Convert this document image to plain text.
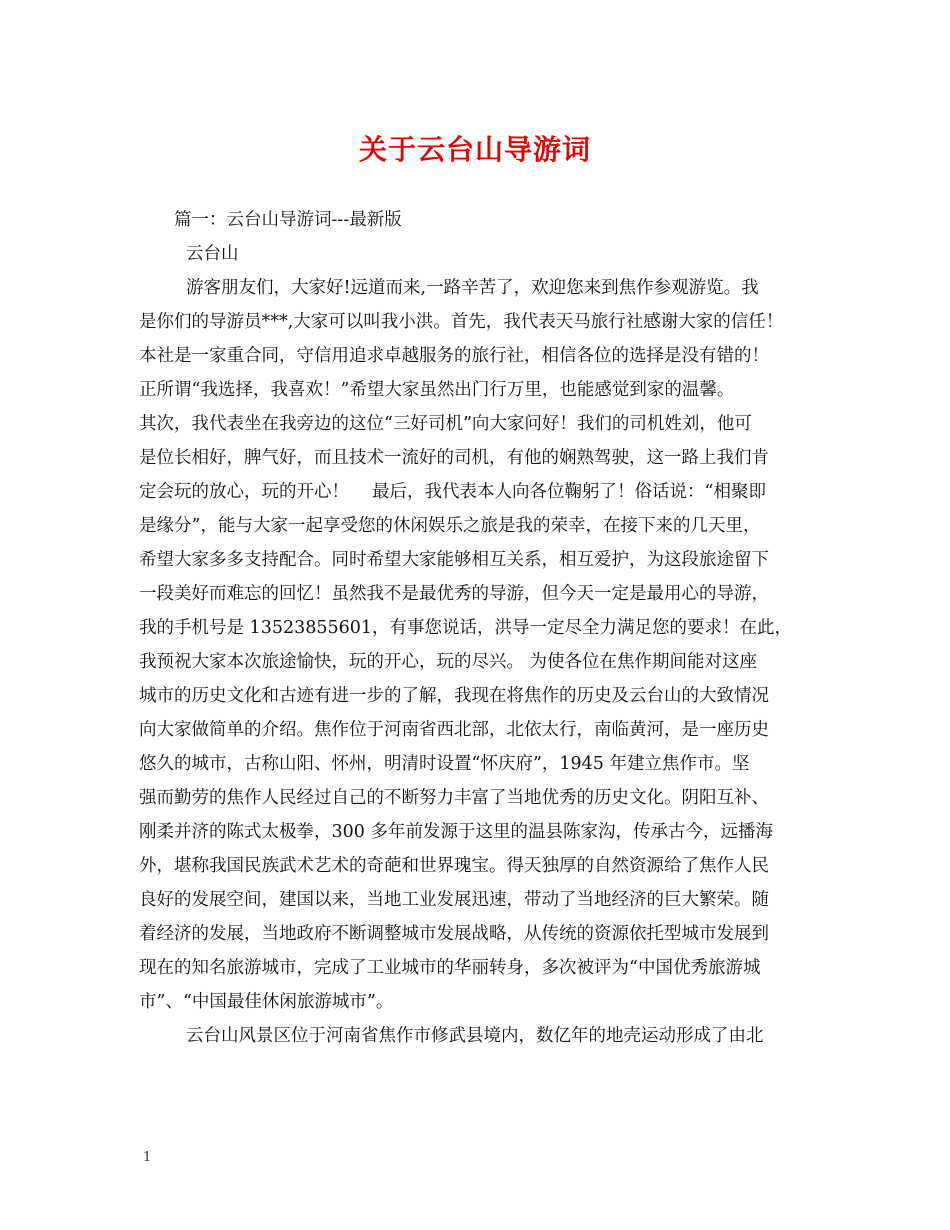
关于云台山导游词
篇一：云台山导游词---最新版
云台山
游客朋友们，大家好!远道而来,一路辛苦了，欢迎您来到焦作参观游览。我
是你们的导游员***,大家可以叫我小洪。首先，我代表天马旅行社感谢大家的信任！
本社是一家重合同，守信用追求卓越服务的旅行社，相信各位的选择是没有错的！
正所谓“我选择，我喜欢！”希望大家虽然出门行万里，也能感觉到家的温馨。
其次，我代表坐在我旁边的这位“三好司机”向大家问好！我们的司机姓刘，他可
是位长相好，脾气好，而且技术一流好的司机，有他的娴熟驾驶，这一路上我们肯
定会玩的放心，玩的开心！　 最后，我代表本人向各位鞠躬了！俗话说：“相聚即
是缘分”，能与大家一起享受您的休闲娱乐之旅是我的荣幸，在接下来的几天里，
希望大家多多支持配合。同时希望大家能够相互关系，相互爱护，为这段旅途留下
一段美好而难忘的回忆！虽然我不是最优秀的导游，但今天一定是最用心的导游，
我的手机号是 13523855601，有事您说话，洪导一定尽全力满足您的要求！在此，
我预祝大家本次旅途愉快，玩的开心，玩的尽兴。 为使各位在焦作期间能对这座
城市的历史文化和古迹有进一步的了解，我现在将焦作的历史及云台山的大致情况
向大家做简单的介绍。焦作位于河南省西北部，北依太行，南临黄河，是一座历史
悠久的城市，古称山阳、怀州，明清时设置“怀庆府”，1945 年建立焦作市。坚
强而勤劳的焦作人民经过自己的不断努力丰富了当地优秀的历史文化。阴阳互补、
刚柔并济的陈式太极拳，300 多年前发源于这里的温县陈家沟，传承古今，远播海
外，堪称我国民族武术艺术的奇葩和世界瑰宝。得天独厚的自然资源给了焦作人民
良好的发展空间，建国以来，当地工业发展迅速，带动了当地经济的巨大繁荣。随
着经济的发展，当地政府不断调整城市发展战略，从传统的资源依托型城市发展到
现在的知名旅游城市，完成了工业城市的华丽转身，多次被评为“中国优秀旅游城
市”、“中国最佳休闲旅游城市”。
云台山风景区位于河南省焦作市修武县境内，数亿年的地壳运动形成了由北
1
